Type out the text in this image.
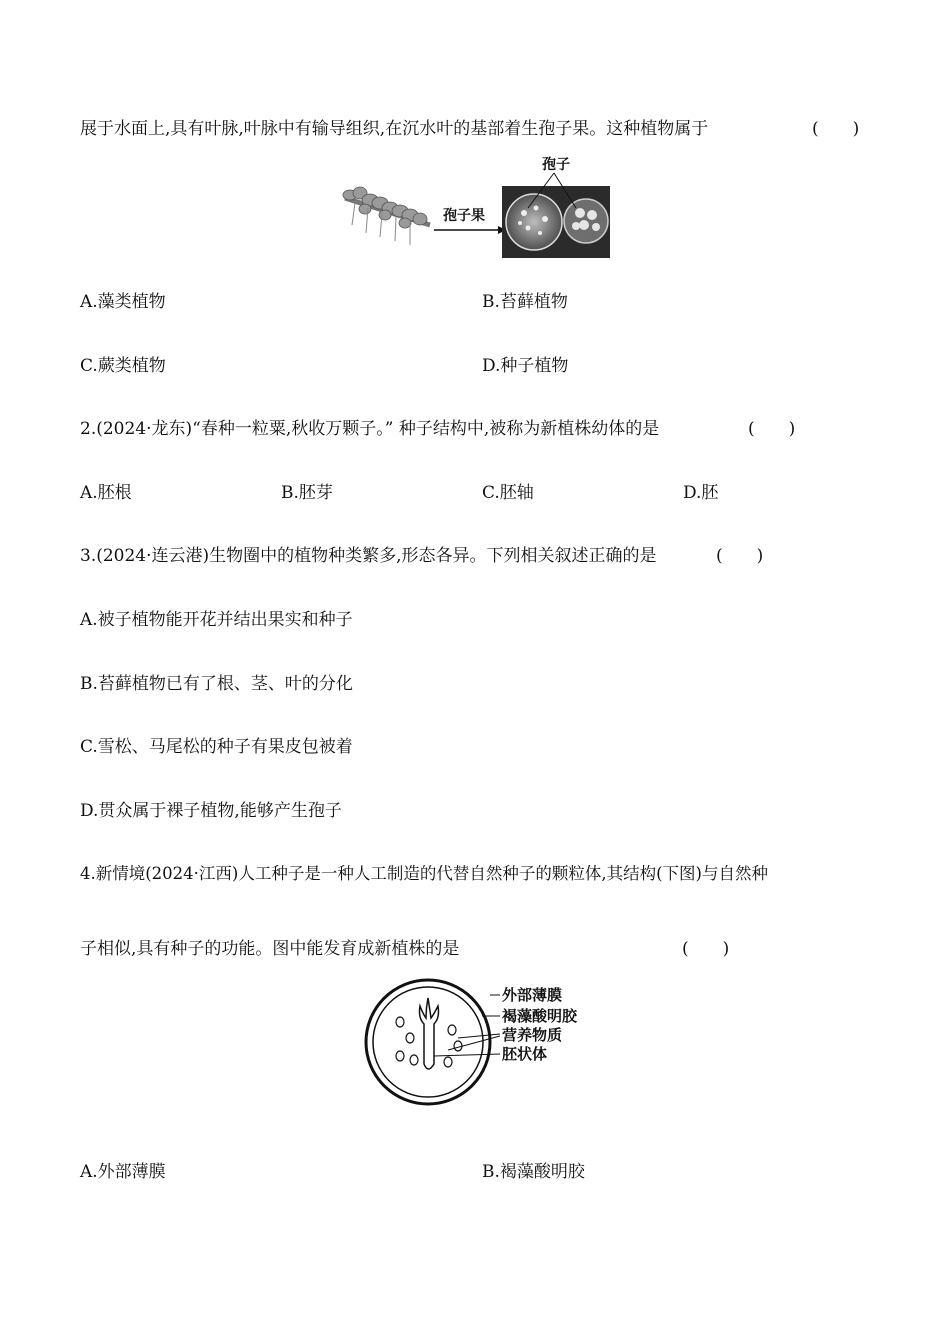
展于水面上,具有叶脉,叶脉中有输导组织,在沉水叶的基部着生孢子果。这种植物属于	(　　)
孢子果
孢子
A.藻类植物	B.苔藓植物
C.蕨类植物	D.种子植物
2.(2024·龙东)“春种一粒粟,秋收万颗子。” 种子结构中,被称为新植株幼体的是	(　　)
A.胚根	B.胚芽	C.胚轴	D.胚
3.(2024·连云港)生物圈中的植物种类繁多,形态各异。下列相关叙述正确的是	(　　)
A.被子植物能开花并结出果实和种子
B.苔藓植物已有了根、茎、叶的分化
C.雪松、马尾松的种子有果皮包被着
D.贯众属于裸子植物,能够产生孢子
4.新情境(2024·江西)人工种子是一种人工制造的代替自然种子的颗粒体,其结构(下图)与自然种
子相似,具有种子的功能。图中能发育成新植株的是	(　　)
外部薄膜
褐藻酸明胶
营养物质
胚状体
A.外部薄膜	B.褐藻酸明胶
